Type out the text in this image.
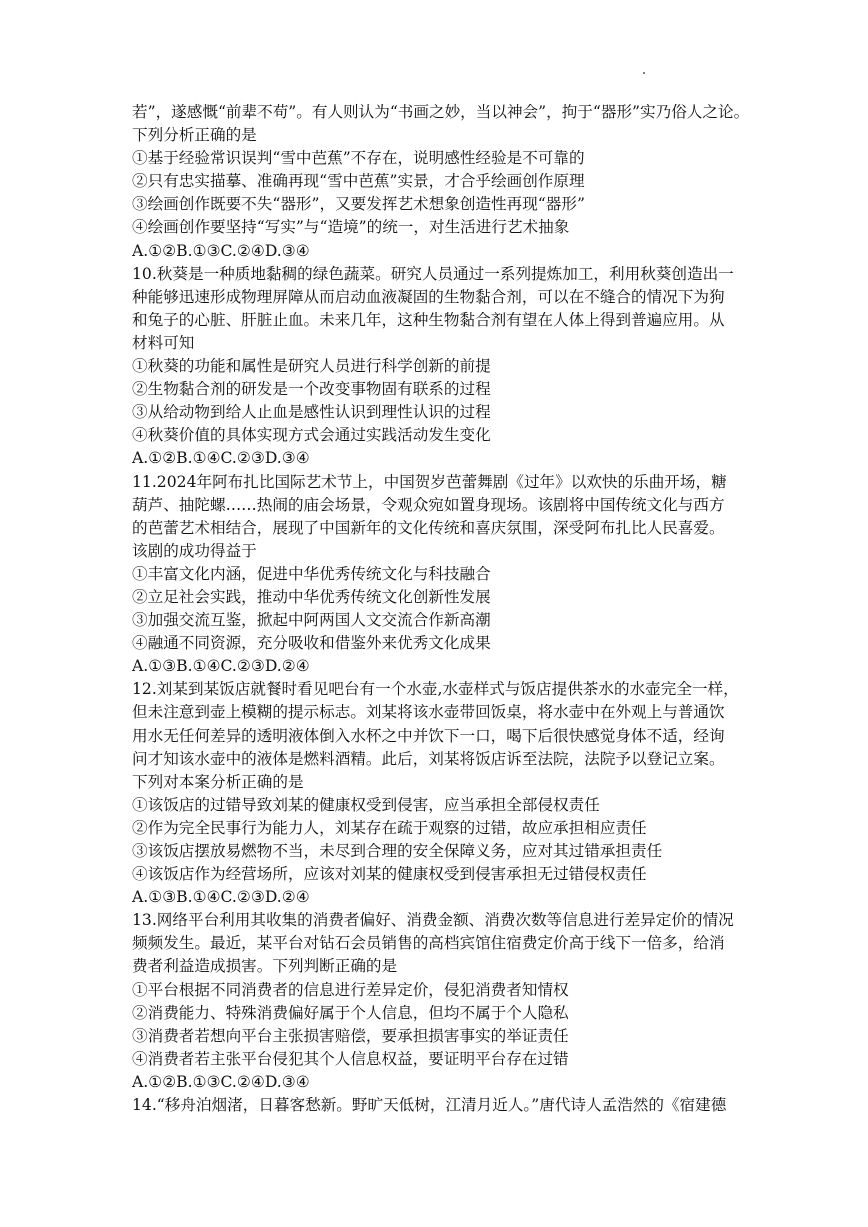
若”，遂感慨“前辈不苟”。有人则认为“书画之妙，当以神会”，拘于“器形”实乃俗人之论。
下列分析正确的是
①基于经验常识误判“雪中芭蕉”不存在，说明感性经验是不可靠的
②只有忠实描摹、准确再现“雪中芭蕉”实景，才合乎绘画创作原理
③绘画创作既要不失“器形”，又要发挥艺术想象创造性再现“器形”
④绘画创作要坚持“写实”与“造境”的统一，对生活进行艺术抽象
A.①②B.①③C.②④D.③④
10.秋葵是一种质地黏稠的绿色蔬菜。研究人员通过一系列提炼加工，利用秋葵创造出一
种能够迅速形成物理屏障从而启动血液凝固的生物黏合剂，可以在不缝合的情况下为狗
和兔子的心脏、肝脏止血。未来几年，这种生物黏合剂有望在人体上得到普遍应用。从
材料可知
①秋葵的功能和属性是研究人员进行科学创新的前提
②生物黏合剂的研发是一个改变事物固有联系的过程
③从给动物到给人止血是感性认识到理性认识的过程
④秋葵价值的具体实现方式会通过实践活动发生变化
A.①②B.①④C.②③D.③④
11.2024年阿布扎比国际艺术节上，中国贺岁芭蕾舞剧《过年》以欢快的乐曲开场，糖
葫芦、抽陀螺……热闹的庙会场景，令观众宛如置身现场。该剧将中国传统文化与西方
的芭蕾艺术相结合，展现了中国新年的文化传统和喜庆氛围，深受阿布扎比人民喜爱。
该剧的成功得益于
①丰富文化内涵，促进中华优秀传统文化与科技融合
②立足社会实践，推动中华优秀传统文化创新性发展
③加强交流互鉴，掀起中阿两国人文交流合作新高潮
④融通不同资源，充分吸收和借鉴外来优秀文化成果
A.①③B.①④C.②③D.②④
12.刘某到某饭店就餐时看见吧台有一个水壶,水壶样式与饭店提供茶水的水壶完全一样，
但未注意到壶上模糊的提示标志。刘某将该水壶带回饭桌，将水壶中在外观上与普通饮
用水无任何差异的透明液体倒入水杯之中并饮下一口，喝下后很快感觉身体不适，经询
问才知该水壶中的液体是燃料酒精。此后，刘某将饭店诉至法院，法院予以登记立案。
下列对本案分析正确的是
①该饭店的过错导致刘某的健康权受到侵害，应当承担全部侵权责任
②作为完全民事行为能力人，刘某存在疏于观察的过错，故应承担相应责任
③该饭店摆放易燃物不当，未尽到合理的安全保障义务，应对其过错承担责任
④该饭店作为经营场所，应该对刘某的健康权受到侵害承担无过错侵权责任
A.①③B.①④C.②③D.②④
13.网络平台利用其收集的消费者偏好、消费金额、消费次数等信息进行差异定价的情况
频频发生。最近，某平台对钻石会员销售的高档宾馆住宿费定价高于线下一倍多，给消
费者利益造成损害。下列判断正确的是
①平台根据不同消费者的信息进行差异定价，侵犯消费者知情权
②消费能力、特殊消费偏好属于个人信息，但均不属于个人隐私
③消费者若想向平台主张损害赔偿，要承担损害事实的举证责任
④消费者若主张平台侵犯其个人信息权益，要证明平台存在过错
A.①②B.①③C.②④D.③④
14.“移舟泊烟渚，日暮客愁新。野旷天低树，江清月近人。”唐代诗人孟浩然的《宿建德
